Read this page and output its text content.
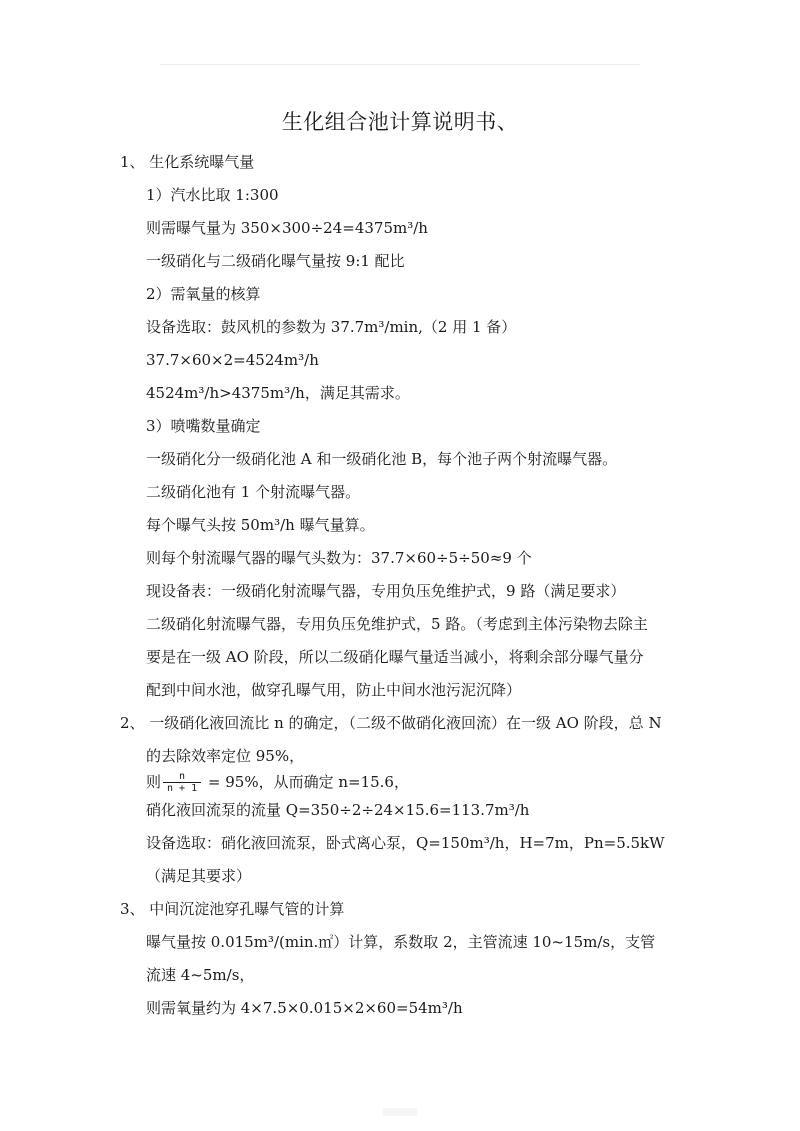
生化组合池计算说明书、
1、 生化系统曝气量
1）汽水比取 1:300
则需曝气量为 350×300÷24=4375m³/h
一级硝化与二级硝化曝气量按 9:1 配比
2）需氧量的核算
设备选取：鼓风机的参数为 37.7m³/min,（2 用 1 备）
37.7×60×2=4524m³/h
4524m³/h>4375m³/h，满足其需求。
3）喷嘴数量确定
一级硝化分一级硝化池 A 和一级硝化池 B，每个池子两个射流曝气器。
二级硝化池有 1 个射流曝气器。
每个曝气头按 50m³/h 曝气量算。
则每个射流曝气器的曝气头数为：37.7×60÷5÷50≈9 个
现设备表：一级硝化射流曝气器，专用负压免维护式，9 路（满足要求）
二级硝化射流曝气器，专用负压免维护式，5 路。（考虑到主体污染物去除主
要是在一级 AO 阶段，所以二级硝化曝气量适当减小，将剩余部分曝气量分
配到中间水池，做穿孔曝气用，防止中间水池污泥沉降）
2、 一级硝化液回流比 n 的确定，（二级不做硝化液回流）在一级 AO 阶段，总 N
的去除效率定位 95%，
则 $\frac{n}{n + 1} = 95\%$，从而确定 n=15.6，
硝化液回流泵的流量 Q=350÷2÷24×15.6=113.7m³/h
设备选取：硝化液回流泵，卧式离心泵，Q=150m³/h，H=7m，Pn=5.5kW
（满足其要求）
3、 中间沉淀池穿孔曝气管的计算
曝气量按 0.015m³/(min.㎡）计算，系数取 2，主管流速 10~15m/s，支管
流速 4~5m/s，
则需氧量约为 4×7.5×0.015×2×60=54m³/h
